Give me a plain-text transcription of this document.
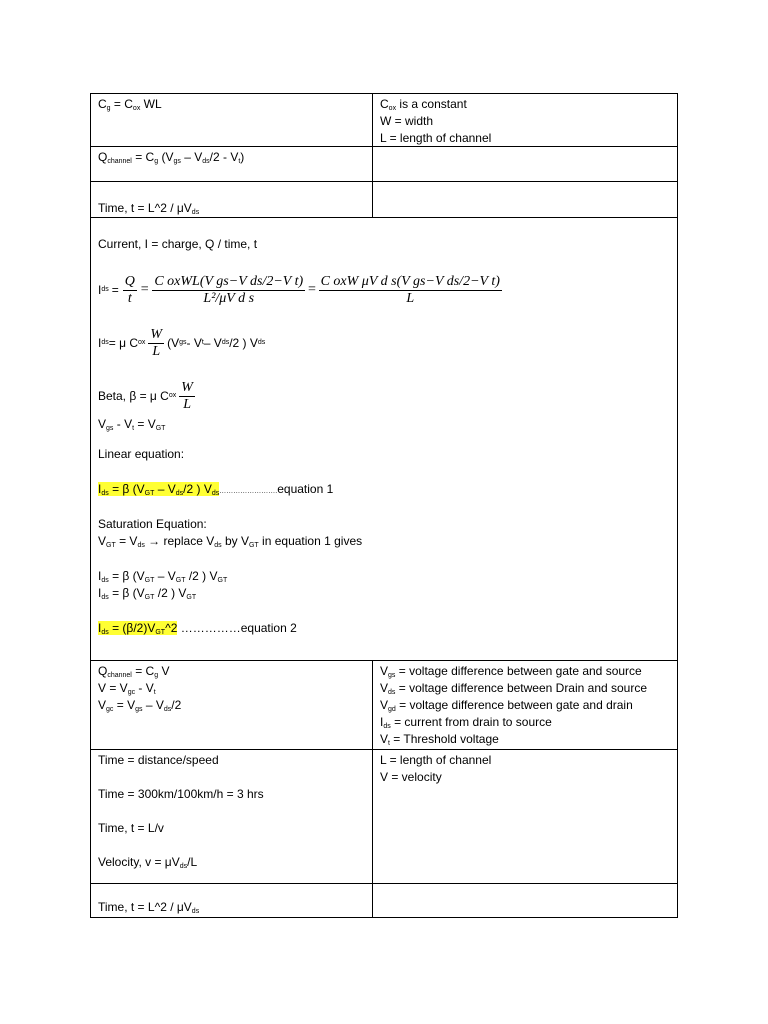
$C_g = C_{ox}$ WL	$C_{ox}$ is a constant
W = width
L = length of channel
$Q_{channel} = C_g$ $(V_{gs} - V_{ds}/2 - V_t)$
Time, t = L^2 / $\mu V_{ds}$
Current, I = charge, Q / time, t
I ds = $\frac{Q}{t} = \frac{\text{C oxWL(V gs−V ds/2−V t)}}{\text{L²/μV d s}} = \frac{\text{C oxW μV d s(V gs−V ds/2−V t)}}{L}$
I ds = μ C ox $\frac{W}{L} (V$ gs - V t – V ds /2 ) V ds
Beta, β = μ C ox $\frac{W}{L}$
$V_{gs} - V_t = V_{GT}$
Linear equation:
$I_{ds} = \beta$ ($V_{GT} - V_{ds}/2$ ) $V_{ds}\dots\dots\dots\dots\dots\dots\dots\dots.equation$ 1
Saturation Equation:
$V_{GT} = V_{ds}$ → replace $V_{ds}$ by $V_{GT}$ in equation 1 gives
$I_{ds} = \beta$ ($V_{GT} - V_{GT}$ /2 ) $V_{GT}$
$I_{ds} = \beta$ ($V_{GT}$ /2 ) $V_{GT}$
$I_{ds}$ = $(\beta/2)V_{GT}\^{}2$ ……………equation 2
$Q_{channel} = C_g$ V
$V = V_{gc} - V_t$
$V_{gc} = V_{gs} - V_{ds}/2$
$V_{gs}$ = voltage difference between gate and source
$V_{ds}$ = voltage difference between Drain and source
$V_{gd}$ = voltage difference between gate and drain
$I_{ds}$ = current from drain to source
$V_t$ = Threshold voltage
Time = distance/speed
Time = 300km/100km/h = 3 hrs
Time, t = L/v
Velocity, $v = \mu V_{ds}/L$
L = length of channel
V = velocity
Time, t = L^2 / $\mu V_{ds}$
